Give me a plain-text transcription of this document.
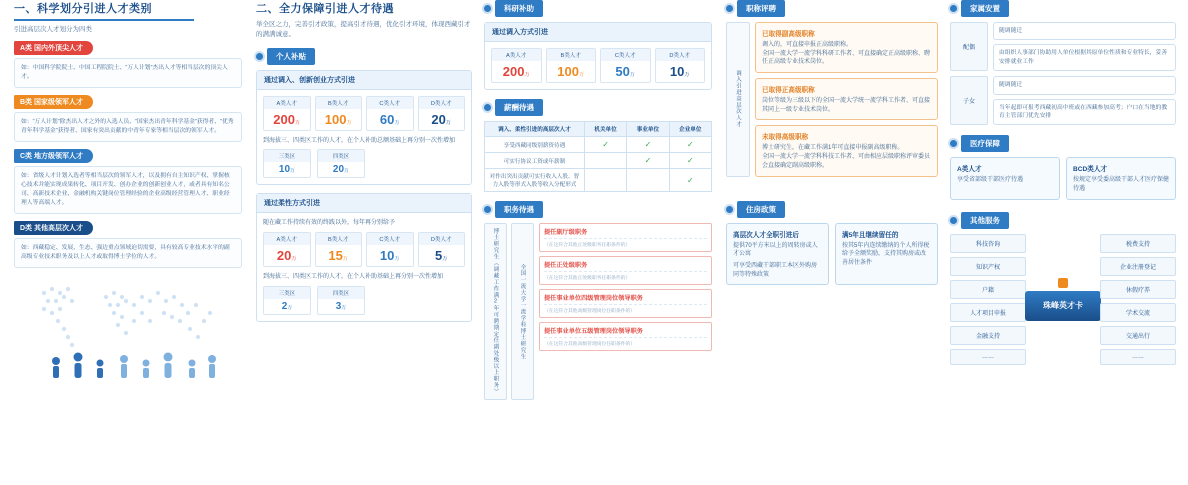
一、科学划分引进人才类别
引进高层次人才划分为四类
A类 国内外顶尖人才
如：中国科学院院士、中国工程院院士、“万人计划”杰出人才等相当层次的顶尖人才。
B类 国家级领军人才
如：“万人计划”除杰出人才之外的入选人员、“国家杰出青年科学基金”获得者、“优秀青年科学基金”获得者、国家有突出贡献的中青年专家等相当层次的领军人才。
C类 地方级领军人才
如：省级人才计划入选者等相当层次的领军人才，以及拥有自主知识产权、掌握核心技术并能实现成果转化、项目开发、创办企业的创新创业人才，或者具有知名公司、高新技术企业、金融机构关键岗位管理经验的企业高级经营管理人才、职业经理人等高端人才。
D类 其他高层次人才
如：西藏稳定、发展、生态、强边重点领域迫切需要，具有较高专业技术水平的副高级专业技术职务及以上人才或取得博士学位的人才。
二、全力保障引进人才待遇
举全区之力，完善引才政策，提高引才待遇，优化引才环境，体现西藏引才的满满诚意。
个人补贴
通过调入、创新创业方式引进
A类人才
200万
B类人才
100万
C类人才
60万
D类人才
20万
到海拔三、四类区工作的人才，在个人补助总额基础上再分别一次性增加
三类区
10万
四类区
20万
通过柔性方式引进
随在藏工作持续有效的终践以外，每年再分别给予
A类人才
20万
B类人才
15万
C类人才
10万
D类人才
5万
到海拔三、四类区工作的人才，在个人补助基础上再分别一次性增加
三类区
2万
四类区
3万
科研补助
通过调入方式引进
A类人才
200万
B类人才
100万
C类人才
50万
D类人才
10万
薪酬待遇
调入、柔性引进的高层次人才	机关单位	事业单位	企业单位
享受西藏同级别薪资待遇	✓	✓	✓
可实行协议工资或年薪制		✓	✓
对作出突出贡献可实行收入人股、智力入股等形式入股等收入分配形式			✓
职务待遇
博士研究生（调藏工作满2年可聘期定任副处级以上职务）	全国一流大学一流学科博士研究生
提任副厅级职务
（在这符合其他正处级职务任职条件的）
提任正处级职务
（在这符合其他正处级职务任职条件的）
提任事业单位四级管理岗位领导职务
（在这符合其他高级管理岗位任职条件的）
提任事业单位五级管理岗位领导职务
（在这符合其他高级管理岗位任职条件的）
职称评聘
调入引进高层次人才
已取得副高级职称
调入的，可直接申报正高级职称。
全国一流大学一流学科科研工作者、可直接确定正高级职称、聘任正高级专业技术岗位。
已取得正高级职称
岗位等级为三级以下的全国一流大学统一流学科工作者、可直接其同上一级专业技术岗位。
未取得高级职称
博士研究生，在藏工作满1年可直接申报副高级职称。
全国一流大学一流学科科技工作者、可由相应层级职称评审委员会直接确定副高级职称。
住房政策
高层次人才全职引进后
提供70平方米以上的周转房或人才公寓
可享受西藏干部职工本区外购房同等特殊政策
满5年且继续留任的
按其5年内连续缴纳的个人所得税给予全额奖励，支持其购房或改善居住条件
家属安置
配偶
随调随迁
由组织人事部门协助用人单位根据其原单位性质和专业特长，妥善安排就业工作
子女
随调随迁
当年起即可报考西藏初高中班或在西藏参加高考；户口在当地的教育主管部门优先安排
医疗保障
A类人才
享受省部级干部医疗待遇
BCD类人才
按规定享受委高级干部人才医疗保健待遇
其他服务
科技咨询
知识产权
户籍
人才项目申报
金融支持
……
珠峰英才卡
税费支持
企业注册登记
休假疗养
学术交流
交通出行
……
